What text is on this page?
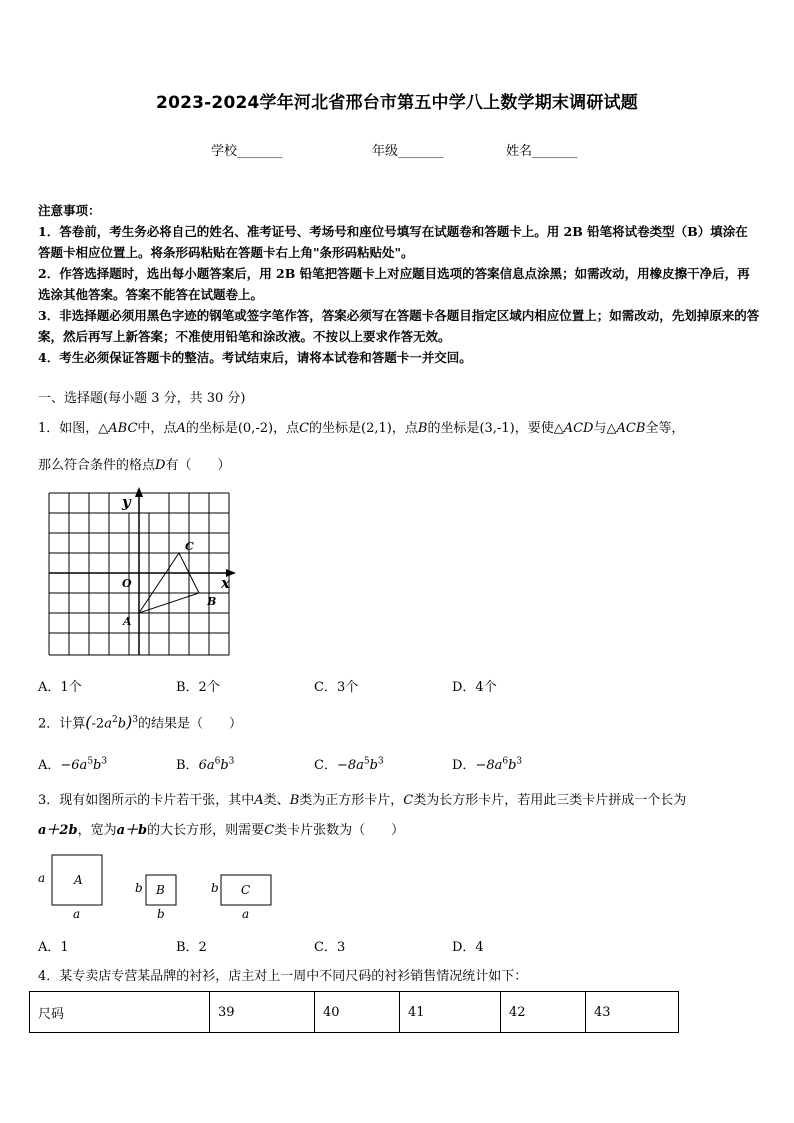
2023-2024学年河北省邢台市第五中学八上数学期末调研试题
学校_______	年级_______	姓名_______
注意事项：
1．答卷前，考生务必将自己的姓名、准考证号、考场号和座位号填写在试题卷和答题卡上。用 2B 铅笔将试卷类型（B）填涂在答题卡相应位置上。将条形码粘贴在答题卡右上角"条形码粘贴处"。
2．作答选择题时，选出每小题答案后，用 2B 铅笔把答题卡上对应题目选项的答案信息点涂黑；如需改动，用橡皮擦干净后，再选涂其他答案。答案不能答在试题卷上。
3．非选择题必须用黑色字迹的钢笔或签字笔作答，答案必须写在答题卡各题目指定区域内相应位置上；如需改动，先划掉原来的答案，然后再写上新答案；不准使用铅笔和涂改液。不按以上要求作答无效。
4．考生必须保证答题卡的整洁。考试结束后，请将本试卷和答题卡一并交回。
一、选择题(每小题 3 分，共 30 分)
1．如图，△ABC中，点A的坐标是(0,-2)，点C的坐标是(2,1)，点B的坐标是(3,-1)，要使△ACD与△ACB全等，
那么符合条件的格点D有（　　）
y
x
O
A
B
C
A．1个	B．2个	C．3个	D．4个
2．计算$(-2a^2b)^3$的结果是（　　）
A．$-6a^5b^3$	B．$6a^6b^3$	C．$-8a^5b^3$	D．$-8a^6b^3$
3．现有如图所示的卡片若干张，其中A类、B类为正方形卡片，C类为长方形卡片，若用此三类卡片拼成一个长为
a＋2b，宽为a＋b的大长方形，则需要C类卡片张数为（　　）
A
a
a
B
b
b
C
b
a
A．1	B．2	C．3	D．4
4．某专卖店专营某品牌的衬衫，店主对上一周中不同尺码的衬衫销售情况统计如下：
尺码	39	40	41	42	43
